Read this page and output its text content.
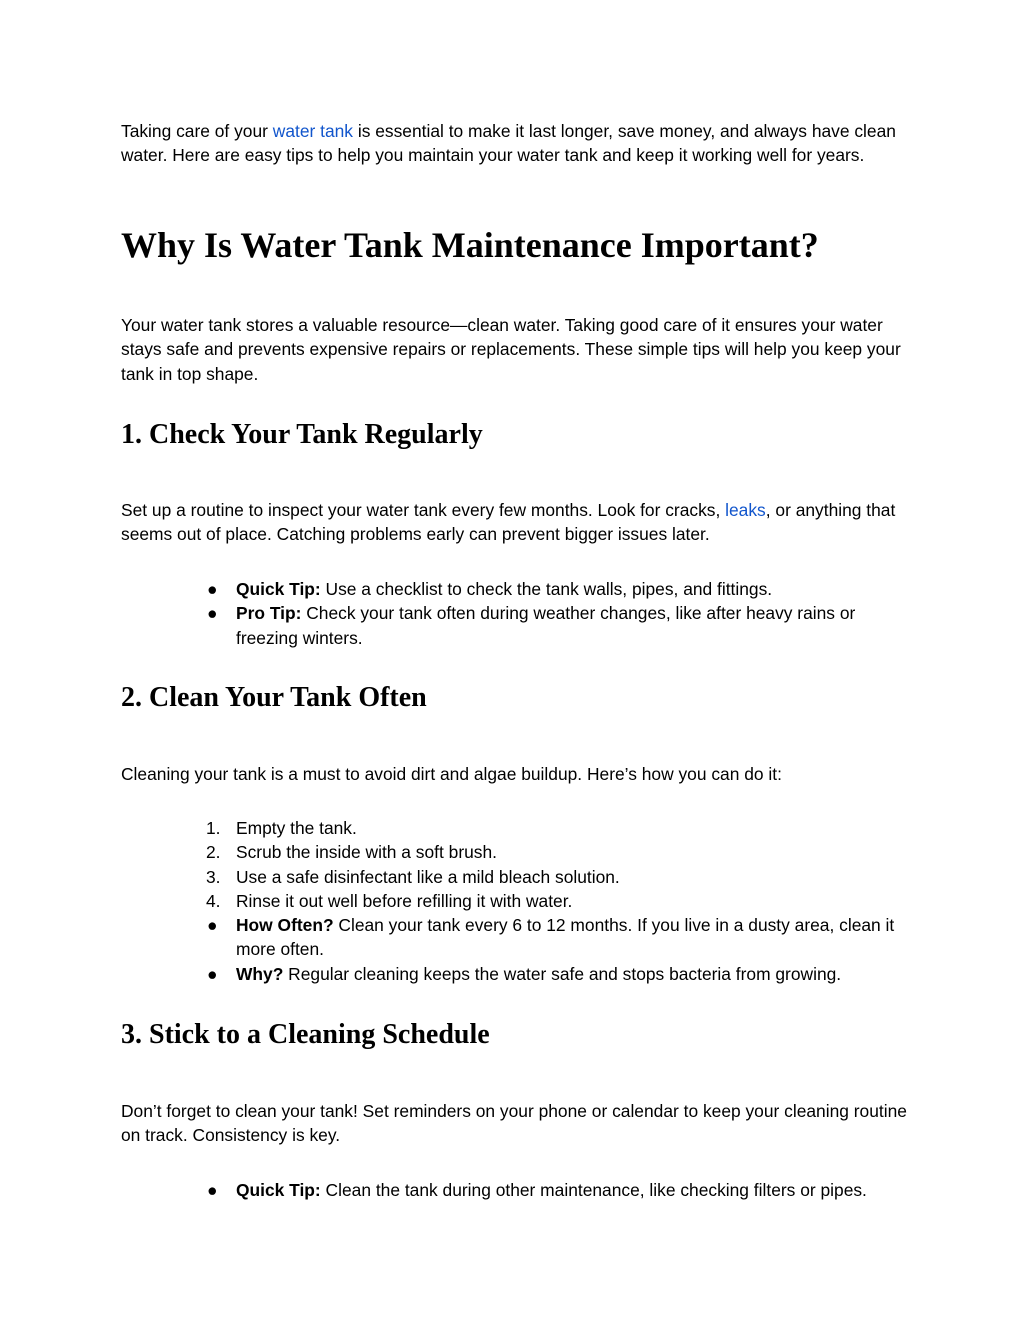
Taking care of your water tank is essential to make it last longer, save money, and always have clean water. Here are easy tips to help you maintain your water tank and keep it working well for years.

Why Is Water Tank Maintenance Important?

Your water tank stores a valuable resource—clean water. Taking good care of it ensures your water stays safe and prevents expensive repairs or replacements. These simple tips will help you keep your tank in top shape.

1. Check Your Tank Regularly

Set up a routine to inspect your water tank every few months. Look for cracks, leaks, or anything that seems out of place. Catching problems early can prevent bigger issues later.

●	Quick Tip: Use a checklist to check the tank walls, pipes, and fittings.
●	Pro Tip: Check your tank often during weather changes, like after heavy rains or freezing winters.
2. Clean Your Tank Often

Cleaning your tank is a must to avoid dirt and algae buildup. Here’s how you can do it:

1. Empty the tank.
2. Scrub the inside with a soft brush.
3. Use a safe disinfectant like a mild bleach solution.
4. Rinse it out well before refilling it with water.
●	How Often? Clean your tank every 6 to 12 months. If you live in a dusty area, clean it more often.
●	Why? Regular cleaning keeps the water safe and stops bacteria from growing.
3. Stick to a Cleaning Schedule

Don’t forget to clean your tank! Set reminders on your phone or calendar to keep your cleaning routine on track. Consistency is key.

●	Quick Tip: Clean the tank during other maintenance, like checking filters or pipes.
